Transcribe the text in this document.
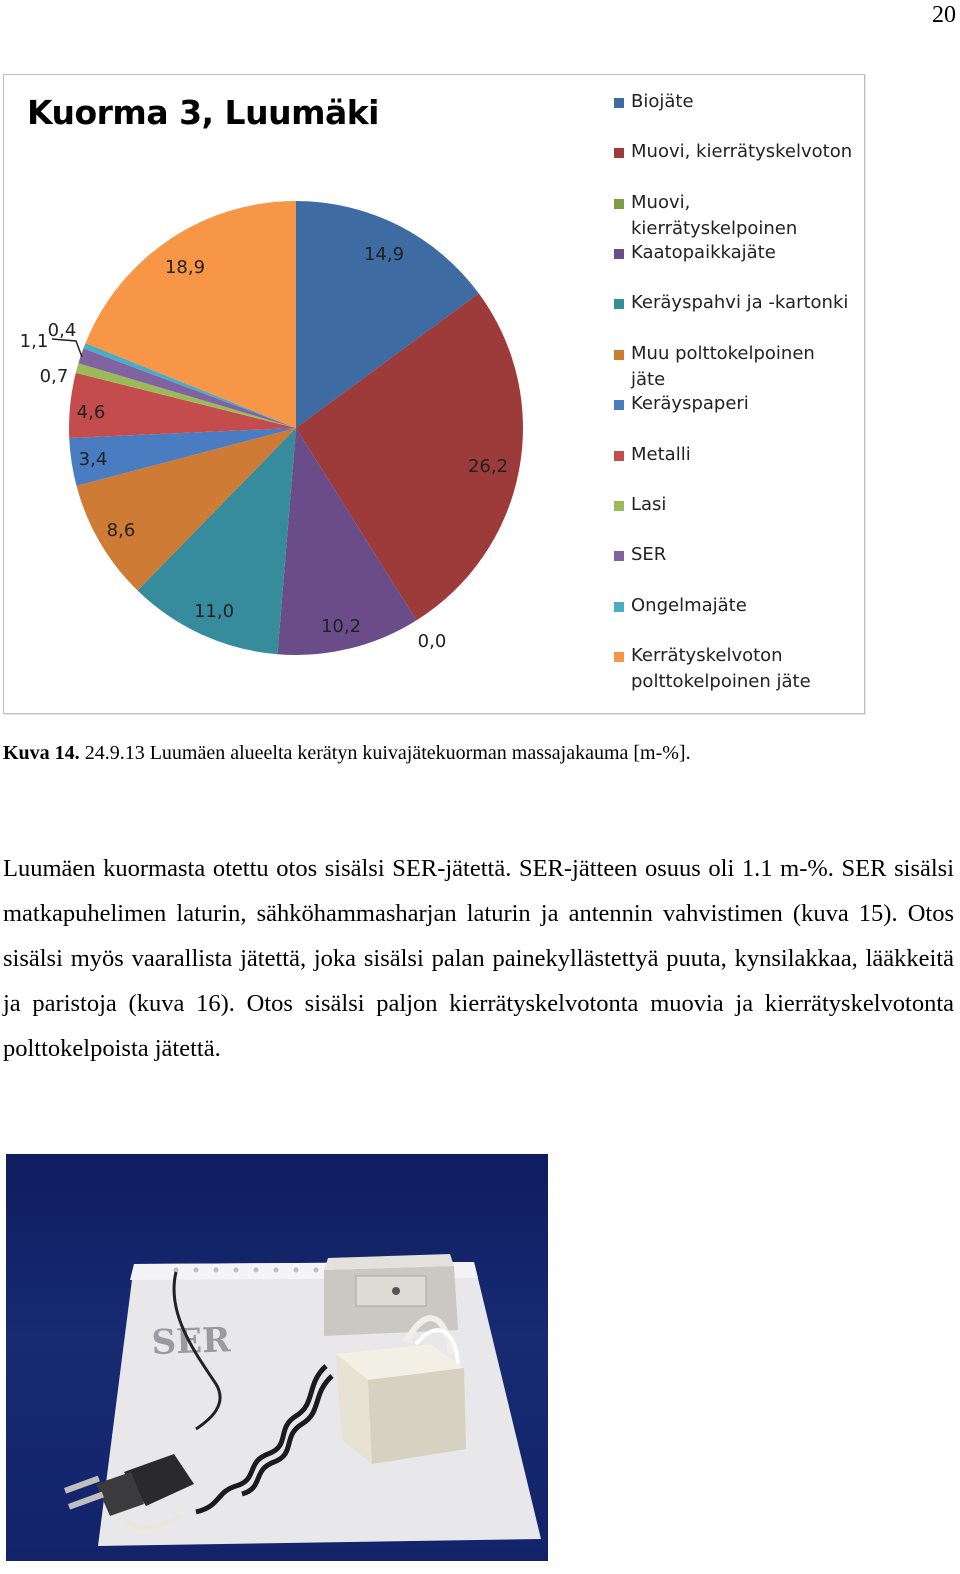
20
Kuorma 3, Luumäki
14,9
26,2
0,0
10,2
11,0
8,6
3,4
4,6
0,7
1,1
0,4
18,9
Biojäte
Muovi, kierrätyskelvoton
Muovi,
kierrätyskelpoinen
Kaatopaikkajäte
Keräyspahvi ja -kartonki
Muu polttokelpoinen
jäte
Keräyspaperi
Metalli
Lasi
SER
Ongelmajäte
Kerrätyskelvoton
polttokelpoinen jäte
Kuva 14. 24.9.13 Luumäen alueelta kerätyn kuivajätekuorman massajakauma [m-%].

Luumäen kuormasta otettu otos sisälsi SER-jätettä. SER-jätteen osuus oli 1.1 m-%. SER sisälsi matkapuhelimen laturin, sähköhammasharjan laturin ja antennin vahvistimen (kuva 15). Otos sisälsi myös vaarallista jätettä, joka sisälsi palan painekyllästettyä puuta, kynsilakkaa, lääkkeitä ja paristoja (kuva 16). Otos sisälsi paljon kierrätyskelvotonta muovia ja kierrätyskelvotonta polttokelpoista jätettä.

SER
